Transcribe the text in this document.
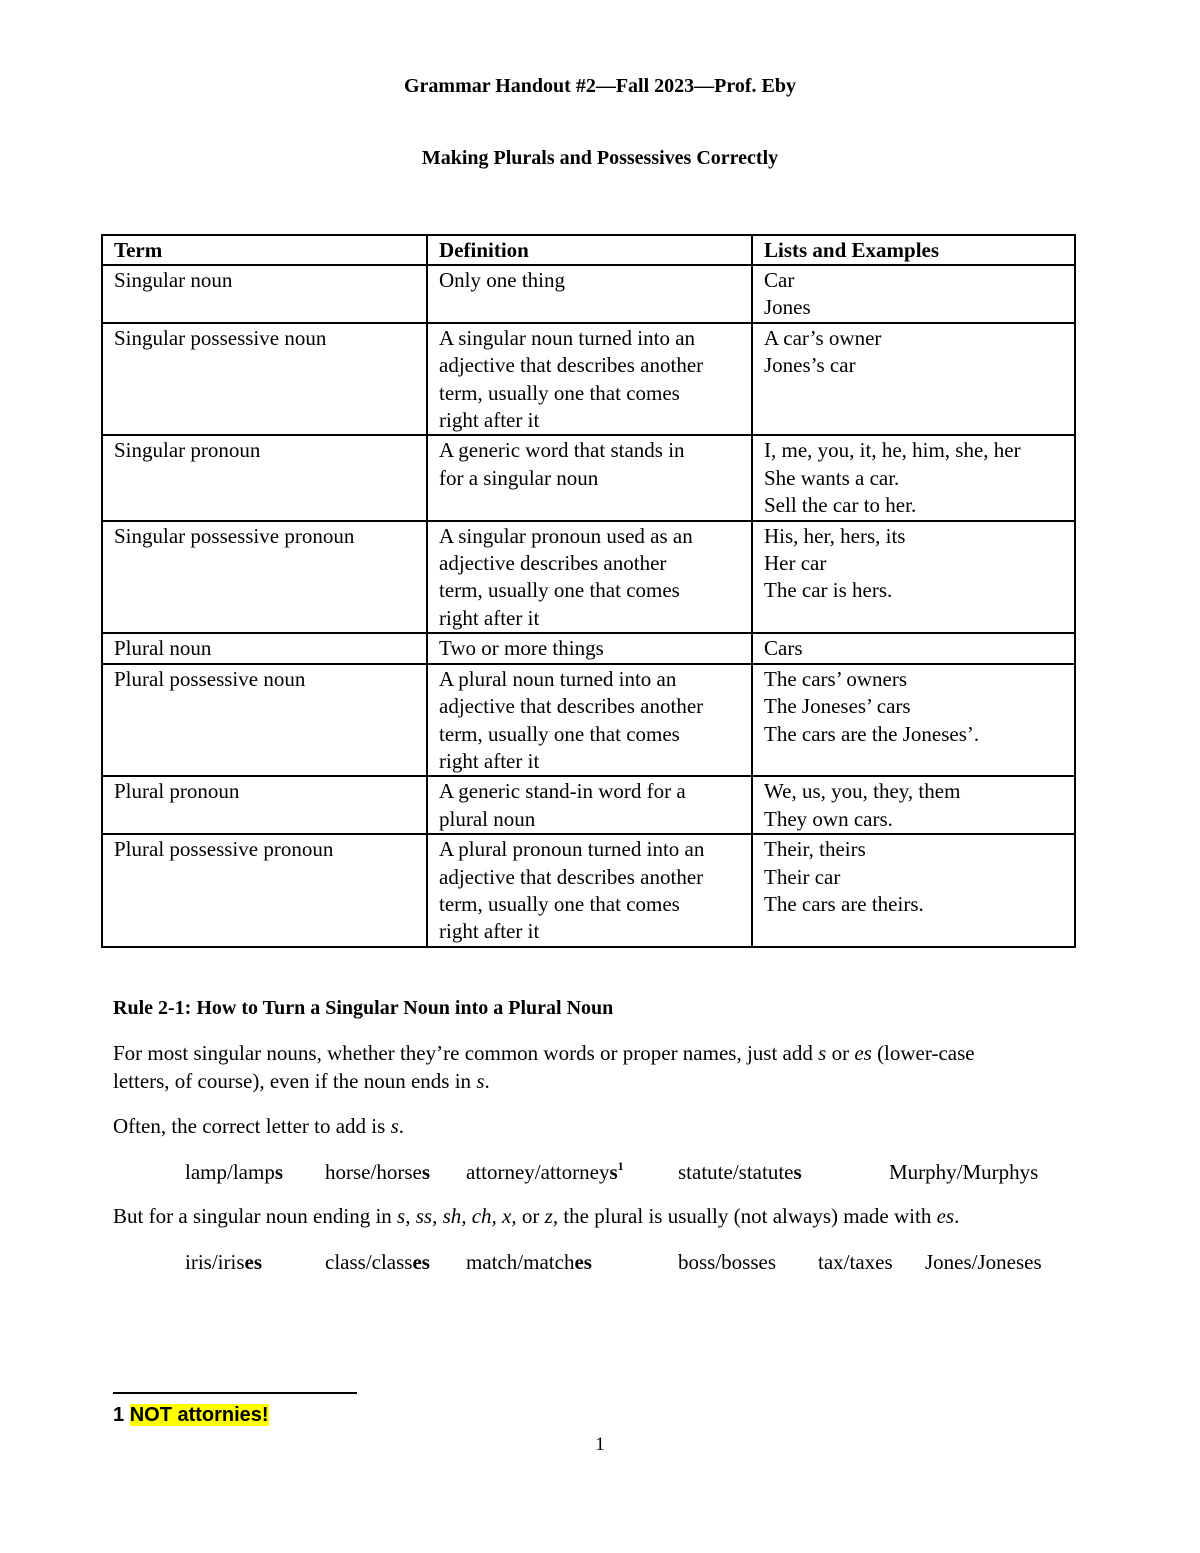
Grammar Handout #2—Fall 2023—Prof. Eby
Making Plurals and Possessives Correctly
Term	Definition	Lists and Examples

Singular noun	Only one thing	Car
Jones

Singular possessive noun	A singular noun turned into an
adjective that describes another
term, usually one that comes
right after it	A car’s owner
Jones’s car

Singular pronoun	A generic word that stands in
for a singular noun	I, me, you, it, he, him, she, her
She wants a car.
Sell the car to her.

Singular possessive pronoun	A singular pronoun used as an
adjective describes another
term, usually one that comes
right after it	His, her, hers, its
Her car
The car is hers.

Plural noun	Two or more things	Cars

Plural possessive noun	A plural noun turned into an
adjective that describes another
term, usually one that comes
right after it	The cars’ owners
The Joneses’ cars
The cars are the Joneses’.

Plural pronoun	A generic stand-in word for a
plural noun	We, us, you, they, them
They own cars.

Plural possessive pronoun	A plural pronoun turned into an
adjective that describes another
term, usually one that comes
right after it	Their, theirs
Their car
The cars are theirs.
Rule 2-1: How to Turn a Singular Noun into a Plural Noun
For most singular nouns, whether they’re common words or proper names, just add s or es (lower-case
letters, of course), even if the noun ends in s.
Often, the correct letter to add is s.
lamp/lamps horse/horses attorney/attorneys$^1$	statute/statutes	Murphy/Murphys
But for a singular noun ending in s, ss, sh, ch, x, or z, the plural is usually (not always) made with es.
iris/irises	class/classes match/matches	boss/bosses tax/taxes Jones/Joneses
1 NOT attornies!
1
